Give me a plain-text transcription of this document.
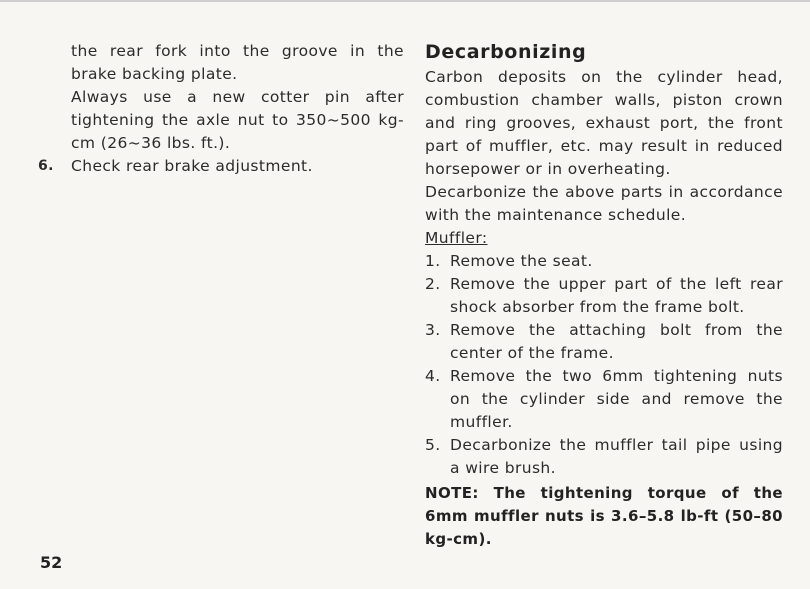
the rear fork into the groove in the brake backing plate.

Always use a new cotter pin after tightening the axle nut to 350~500 kg-cm (26~36 lbs. ft.).

6.	Check rear brake adjustment.
Decarbonizing

Carbon deposits on the cylinder head, combustion chamber walls, piston crown and ring grooves, exhaust port, the front part of muffler, etc. may result in reduced horsepower or in overheating.

Decarbonize the above parts in accordance with the maintenance schedule.

Muffler:

1. Remove the seat.
2. Remove the upper part of the left rear shock absorber from the frame bolt.
3. Remove the attaching bolt from the center of the frame.
4. Remove the two 6mm tightening nuts on the cylinder side and remove the muffler.
5. Decarbonize the muffler tail pipe using a wire brush.

NOTE: The tightening torque of the 6mm muffler nuts is 3.6–5.8 lb-ft (50–80 kg-cm).

52
